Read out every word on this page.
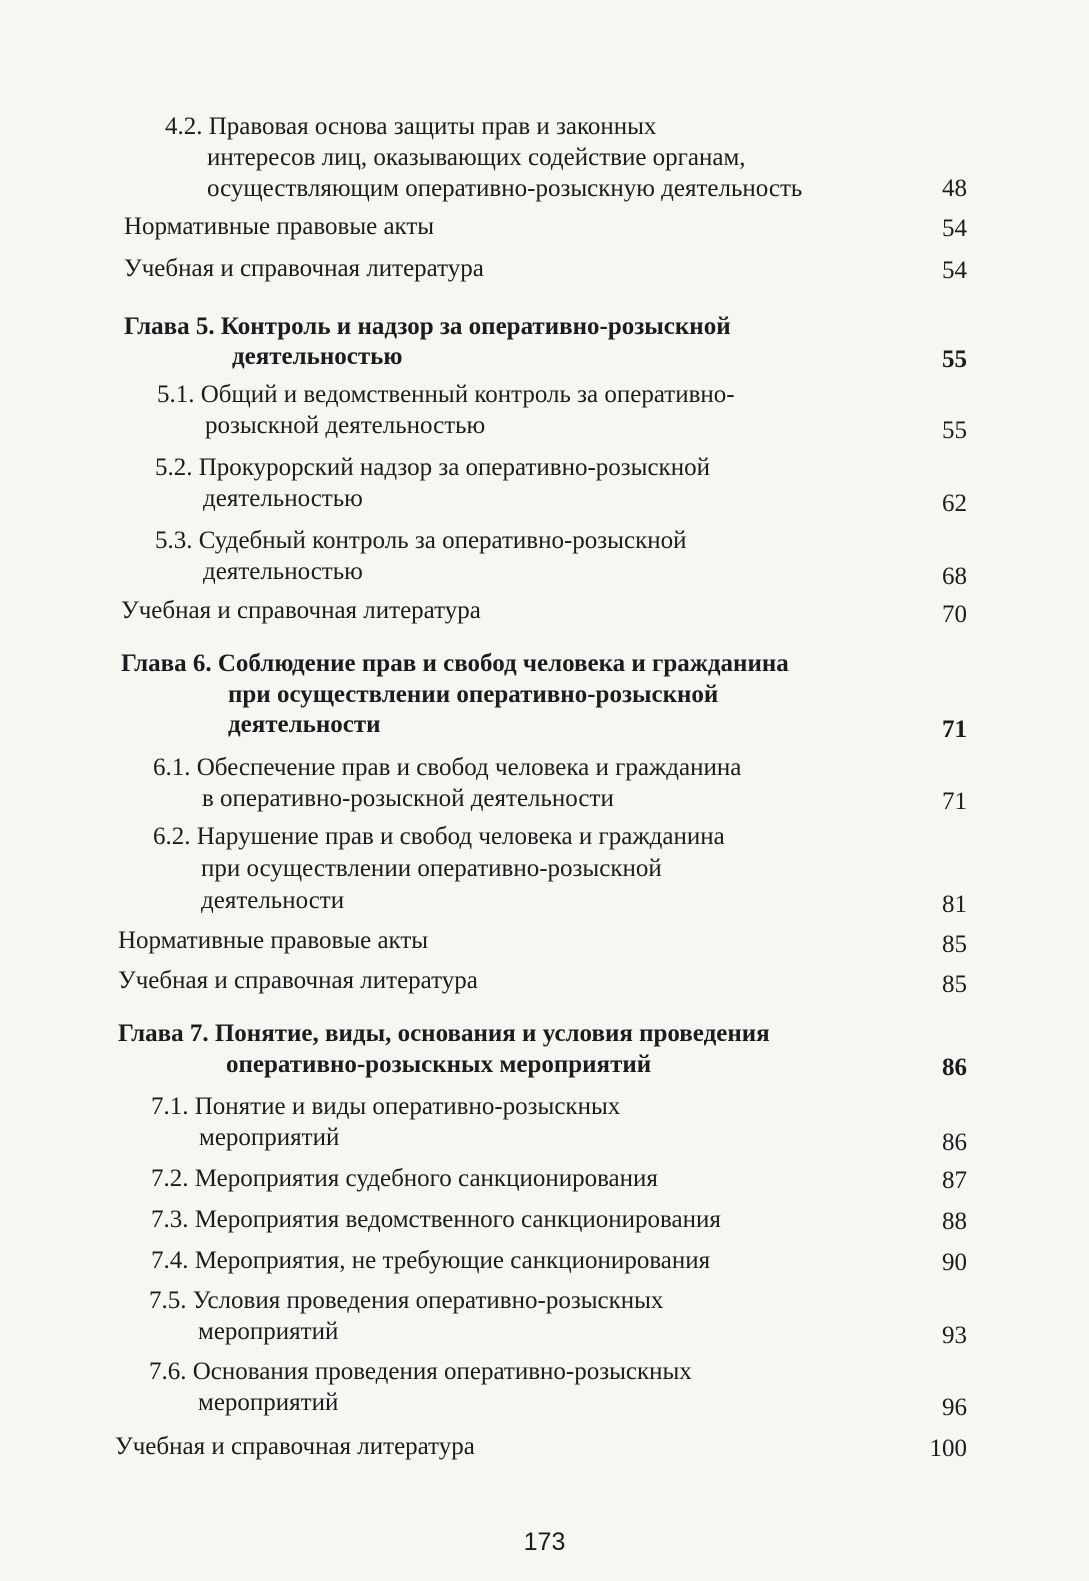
4.2. Правовая основа защиты прав и законных
интересов лиц, оказывающих содействие органам,
осуществляющим оперативно-розыскную деятельность	48
Нормативные правовые акты	54
Учебная и справочная литература	54
Глава 5. Контроль и надзор за оперативно-розыскной
деятельностью	55
5.1. Общий и ведомственный контроль за оперативно-
розыскной деятельностью	55
5.2. Прокурорский надзор за оперативно-розыскной
деятельностью	62
5.3. Судебный контроль за оперативно-розыскной
деятельностью	68
Учебная и справочная литература	70
Глава 6. Соблюдение прав и свобод человека и гражданина
при осуществлении оперативно-розыскной
деятельности	71
6.1. Обеспечение прав и свобод человека и гражданина
в оперативно-розыскной деятельности	71
6.2. Нарушение прав и свобод человека и гражданина
при осуществлении оперативно-розыскной
деятельности	81
Нормативные правовые акты	85
Учебная и справочная литература	85
Глава 7. Понятие, виды, основания и условия проведения
оперативно-розыскных мероприятий	86
7.1. Понятие и виды оперативно-розыскных
мероприятий	86
7.2. Мероприятия судебного санкционирования	87
7.3. Мероприятия ведомственного санкционирования	88
7.4. Мероприятия, не требующие санкционирования	90
7.5. Условия проведения оперативно-розыскных
мероприятий	93
7.6. Основания проведения оперативно-розыскных
мероприятий	96
Учебная и справочная литература	100
173
